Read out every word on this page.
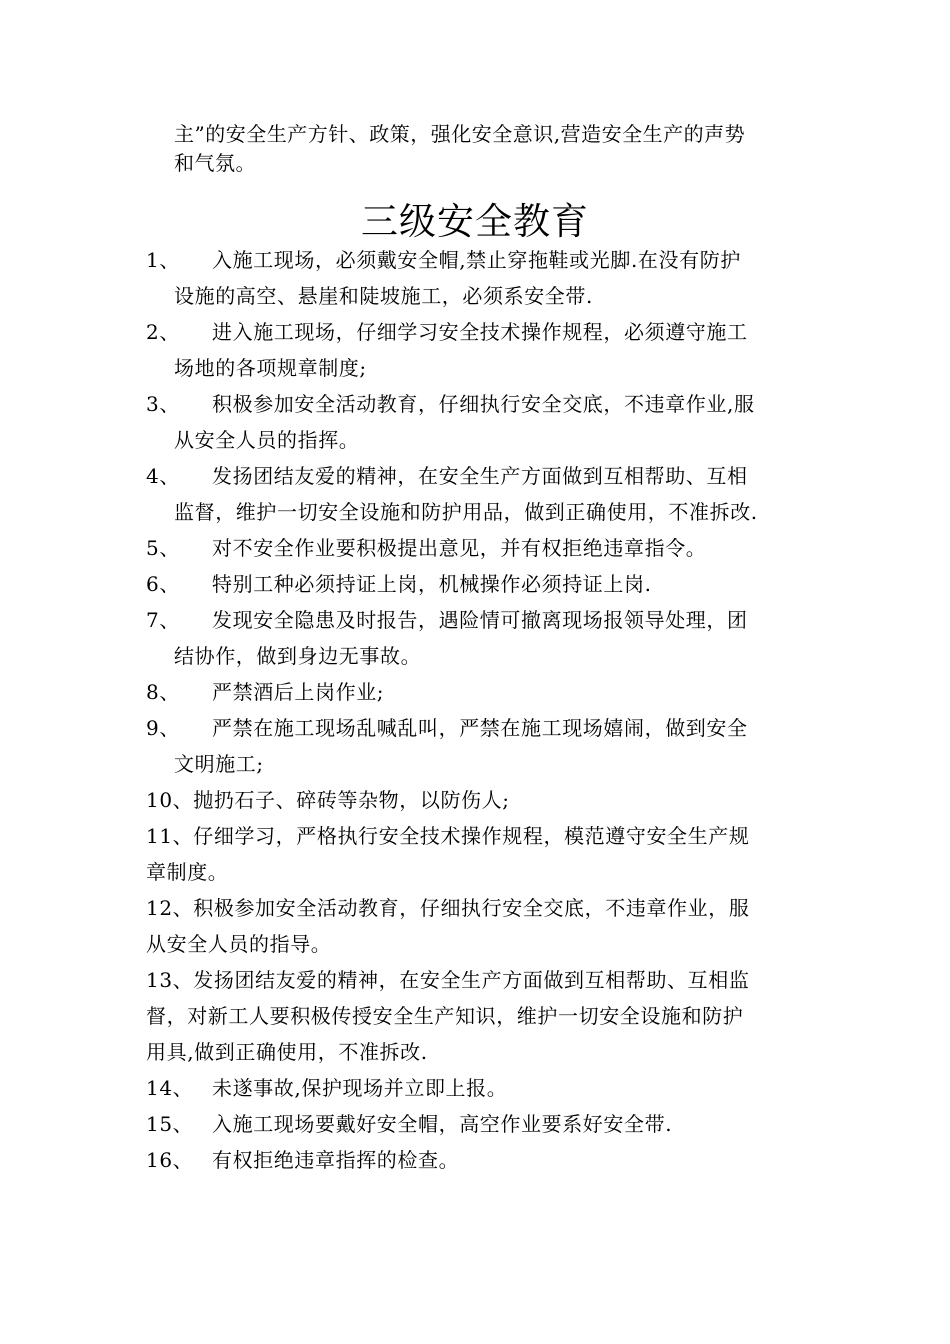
主”的安全生产方针、政策，强化安全意识,营造安全生产的声势
和气氛。
三级安全教育
1、 入施工现场，必须戴安全帽,禁止穿拖鞋或光脚.在没有防护
设施的高空、悬崖和陡坡施工，必须系安全带.
2、 进入施工现场，仔细学习安全技术操作规程，必须遵守施工
场地的各项规章制度;
3、 积极参加安全活动教育，仔细执行安全交底，不违章作业,服
从安全人员的指挥。
4、 发扬团结友爱的精神，在安全生产方面做到互相帮助、互相
监督，维护一切安全设施和防护用品，做到正确使用，不准拆改.
5、 对不安全作业要积极提出意见，并有权拒绝违章指令。
6、 特别工种必须持证上岗，机械操作必须持证上岗.
7、 发现安全隐患及时报告，遇险情可撤离现场报领导处理，团
结协作，做到身边无事故。
8、 严禁酒后上岗作业;
9、 严禁在施工现场乱喊乱叫，严禁在施工现场嬉闹，做到安全
文明施工;
10、抛扔石子、碎砖等杂物，以防伤人;
11、仔细学习，严格执行安全技术操作规程，模范遵守安全生产规
章制度。
12、积极参加安全活动教育，仔细执行安全交底，不违章作业，服
从安全人员的指导。
13、发扬团结友爱的精神，在安全生产方面做到互相帮助、互相监
督，对新工人要积极传授安全生产知识，维护一切安全设施和防护
用具,做到正确使用，不准拆改.
14、 未遂事故,保护现场并立即上报。
15、 入施工现场要戴好安全帽，高空作业要系好安全带.
16、 有权拒绝违章指挥的检查。
